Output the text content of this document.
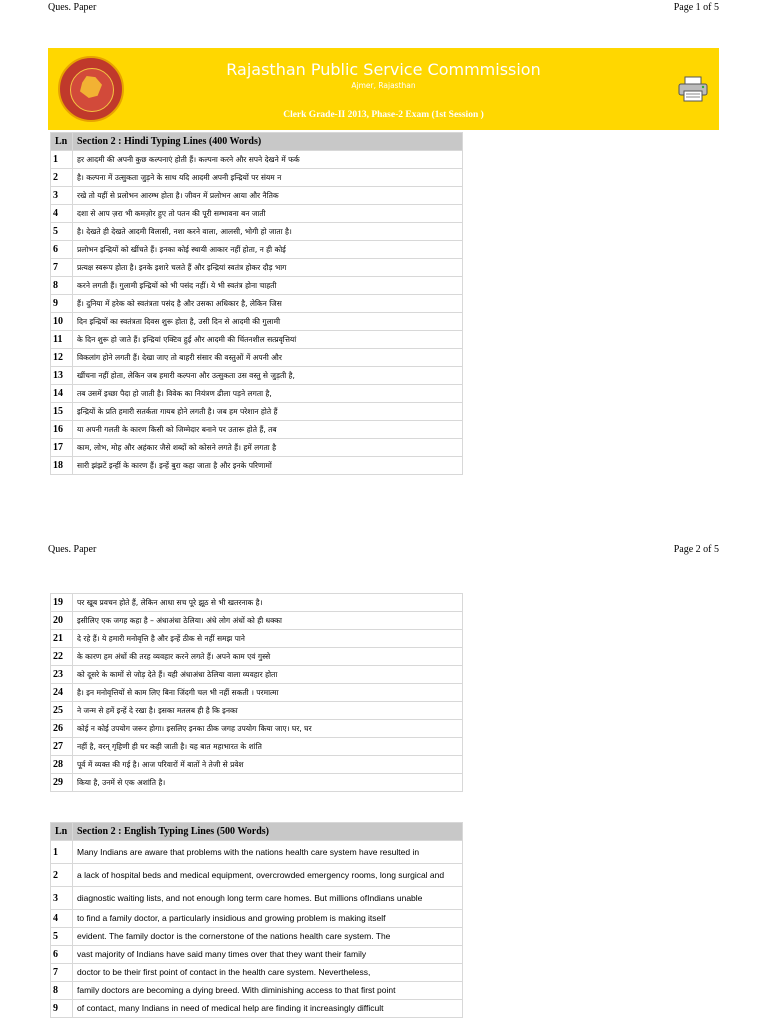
Ques. Paper	Page 1 of 5
Rajasthan Public Service Commmission
Ajmer, Rajasthan
Clerk Grade-II 2013, Phase-2 Exam (1st Session )
Ln	Section 2 : Hindi Typing Lines (400 Words)
1	हर आदमी की अपनी कुछ कल्पनाएं होती हैं। कल्पना करने और सपने देखने में फर्क
2	है। कल्पना में उत्सुकता जुड़ने के साथ यदि आदमी अपनी इन्द्रियों पर संयम न
3	रखे तो यहीं से प्रलोभन आरम्भ होता है। जीवन में प्रलोभन आया और नैतिक
4	दशा से आप ज़रा भी कमज़ोर हुए तो पतन की पूरी सम्भावना बन जाती
5	है। देखते ही देखते आदमी विलासी, नशा करने वाला, आलसी, भोगी हो जाता है।
6	प्रलोभन इन्द्रियों को खींचते हैं। इनका कोई स्थायी आकार नहीं होता, न ही कोई
7	प्रत्यक्ष स्वरूप होता है। इनके इशारे चलते हैं और इन्द्रियां स्वतंत्र होकर दौड़ भाग
8	करने लगती हैं। गुलामी इन्द्रियों को भी पसंद नहीं। ये भी स्वतंत्र होना चाहती
9	हैं। दुनिया में हरेक को स्वतंत्रता पसंद है और उसका अधिकार है, लेकिन जिस
10	दिन इन्द्रियों का स्वतंत्रता दिवस शुरू होता है, उसी दिन से आदमी की गुलामी
11	के दिन शुरू हो जाते हैं। इन्द्रियां एक्टिव हुईं और आदमी की चिंतनशील सत्प्रवृत्तियां
12	विकलांग होने लगती हैं। देखा जाए तो बाहरी संसार की वस्तुओं में अपनी और
13	खींचना नहीं होता, लेकिन जब हमारी कल्पना और उत्सुकता उस वस्तु से जुड़ती है,
14	तब उसमें इच्छा पैदा हो जाती है। विवेक का नियंत्रण ढीला पड़ने लगता है,
15	इन्द्रियों के प्रति हमारी सतर्कता गायब होने लगती है। जब हम परेशान होते हैं
16	या अपनी गलती के कारण किसी को जिम्मेदार बनाने पर उतारू होते हैं, तब
17	काम, लोभ, मोह और अहंकार जैसे शब्दों को कोसने लगते हैं। हमें लगता है
18	सारी झंझटें इन्हीं के कारण हैं। इन्हें बुरा कहा जाता है और इनके परिणामों
Ques. Paper	Page 2 of 5
19	पर खूब प्रवचन होते हैं, लेकिन आधा सच पूरे झूठ से भी खतरनाक है।
20	इसीलिए एक जगह कहा है – अंधाअंधा ठेलिया। अंधे लोग अंधों को ही धक्का
21	दे रहे हैं। ये हमारी मनोवृत्ति है और इन्हें ठीक से नहीं समझ पाने
22	के कारण हम अंधों की तरह व्यवहार करने लगते हैं। अपने काम एवं गुस्से
23	को दूसरे के कामों से जोड़ देते हैं। यही अंधाअंधा ठेलिया वाला व्यवहार होता
24	है। इन मनोवृत्तियों से काम लिए बिना जिंदगी चल भी नहीं सकती । परमात्मा
25	ने जन्म से हमें इन्हें दे रखा है। इसका मतलब ही है कि इनका
26	कोई न कोई उपयोग जरूर होगा। इसलिए इनका ठीक जगह उपयोग किया जाए। घर, घर
27	नहीं है, वरन् गृहिणी ही घर कही जाती है। यह बात महाभारत के शांति
28	पूर्व में व्यक्त की गई है। आज परिवारों में बातों ने तेजी से प्रवेश
29	किया है, उनमें से एक अशांति है।
Ln	Section 2 : English Typing Lines (500 Words)
1	Many Indians are aware that problems with the nations health care system have resulted in
2	a lack of hospital beds and medical equipment, overcrowded emergency rooms, long surgical and
3	diagnostic waiting lists, and not enough long term care homes. But millions ofIndians unable
4	to find a family doctor, a particularly insidious and growing problem is making itself
5	evident. The family doctor is the cornerstone of the nations health care system. The
6	vast majority of Indians have said many times over that they want their family
7	doctor to be their first point of contact in the health care system. Nevertheless,
8	family doctors are becoming a dying breed. With diminishing access to that first point
9	of contact, many Indians in need of medical help are finding it increasingly difficult
